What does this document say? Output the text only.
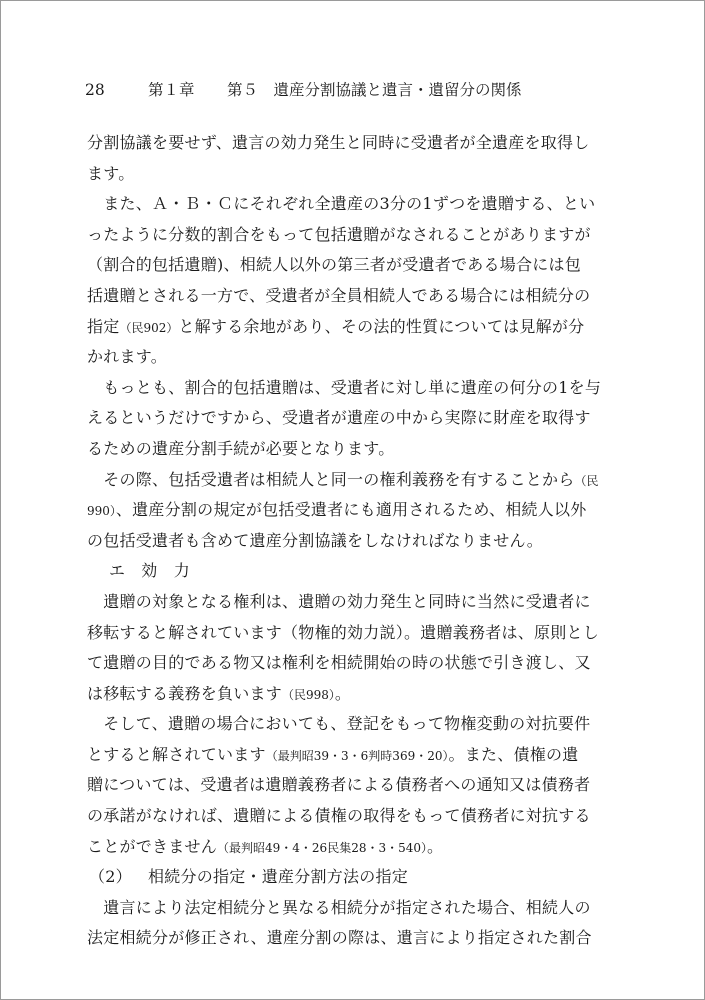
28	第１章 第５　遺産分割協議と遺言・遺留分の関係
分割協議を要せず、遺言の効力発生と同時に受遺者が全遺産を取得し
ます。
　また、Ａ・Ｂ・Ｃにそれぞれ全遺産の3分の1ずつを遺贈する、とい
ったように分数的割合をもって包括遺贈がなされることがありますが
（割合的包括遺贈)、相続人以外の第三者が受遺者である場合には包
括遺贈とされる一方で、受遺者が全員相続人である場合には相続分の
指定（民902）と解する余地があり、その法的性質については見解が分
かれます。
　もっとも、割合的包括遺贈は、受遺者に対し単に遺産の何分の1を与
えるというだけですから、受遺者が遺産の中から実際に財産を取得す
るための遺産分割手続が必要となります。
　その際、包括受遺者は相続人と同一の権利義務を有することから（民
990）、遺産分割の規定が包括受遺者にも適用されるため、相続人以外
の包括受遺者も含めて遺産分割協議をしなければなりません。
エ 効　力
　遺贈の対象となる権利は、遺贈の効力発生と同時に当然に受遺者に
移転すると解されています（物権的効力説）。遺贈義務者は、原則とし
て遺贈の目的である物又は権利を相続開始の時の状態で引き渡し、又
は移転する義務を負います（民998）。
　そして、遺贈の場合においても、登記をもって物権変動の対抗要件
とすると解されています（最判昭39・3・6判時369・20）。また、債権の遺
贈については、受遺者は遺贈義務者による債務者への通知又は債務者
の承諾がなければ、遺贈による債権の取得をもって債務者に対抗する
ことができません（最判昭49・4・26民集28・3・540）。
（2） 相続分の指定・遺産分割方法の指定
　遺言により法定相続分と異なる相続分が指定された場合、相続人の
法定相続分が修正され、遺産分割の際は、遺言により指定された割合
